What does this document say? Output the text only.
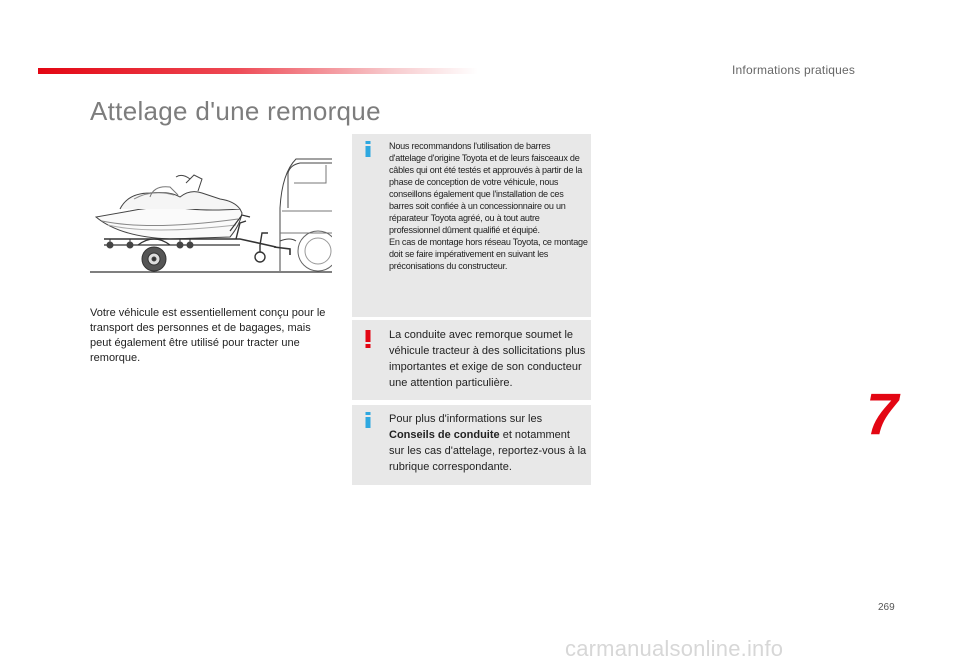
Informations pratiques
Attelage d'une remorque

Votre véhicule est essentiellement conçu pour le transport des personnes et de bagages, mais peut également être utilisé pour tracter une remorque.

Nous recommandons l'utilisation de barres d'attelage d'origine Toyota et de leurs faisceaux de câbles qui ont été testés et approuvés à partir de la phase de conception de votre véhicule, nous conseillons également que l'installation de ces barres soit confiée à un concessionnaire ou un réparateur Toyota agréé, ou à tout autre professionnel dûment qualifié et équipé.
En cas de montage hors réseau Toyota, ce montage doit se faire impérativement en suivant les préconisations du constructeur.

La conduite avec remorque soumet le véhicule tracteur à des sollicitations plus importantes et exige de son conducteur une attention particulière.

Pour plus d'informations sur les Conseils de conduite et notamment sur les cas d'attelage, reportez-vous à la rubrique correspondante.

7
269
carmanualsonline.info
